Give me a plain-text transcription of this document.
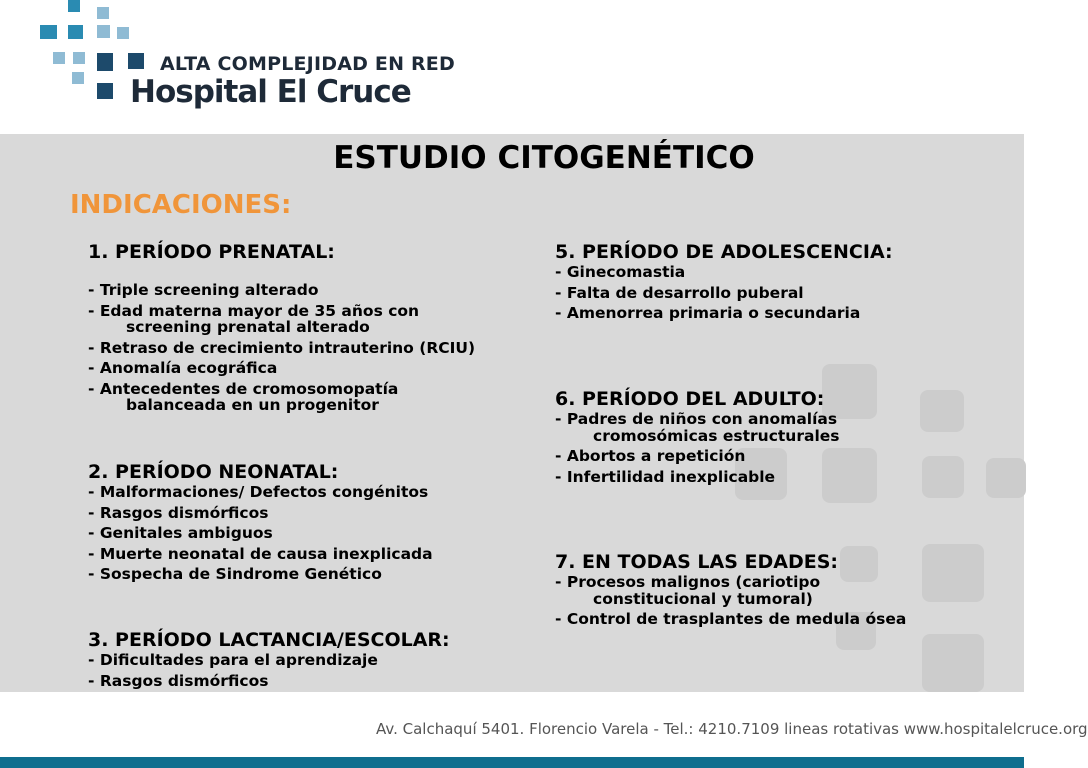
ALTA COMPLEJIDAD EN RED
Hospital El Cruce
ESTUDIO CITOGENÉTICO
INDICACIONES:
1. PERÍODO PRENATAL:
- Triple screening alterado
- Edad materna mayor de 35 años con
screening prenatal alterado
- Retraso de crecimiento intrauterino (RCIU)
- Anomalía ecográfica
- Antecedentes de cromosomopatía
balanceada en un progenitor
2. PERÍODO NEONATAL:
- Malformaciones/ Defectos congénitos
- Rasgos dismórficos
- Genitales ambiguos
- Muerte neonatal de causa inexplicada
- Sospecha de Sindrome Genético
3. PERÍODO LACTANCIA/ESCOLAR:
- Dificultades para el aprendizaje
- Rasgos dismórficos
5. PERÍODO DE ADOLESCENCIA:
- Ginecomastia
- Falta de desarrollo puberal
- Amenorrea primaria o secundaria
6. PERÍODO DEL ADULTO:
- Padres de niños con anomalías
cromosómicas estructurales
- Abortos a repetición
- Infertilidad inexplicable
7. EN TODAS LAS EDADES:
- Procesos malignos (cariotipo
constitucional y tumoral)
- Control de trasplantes de medula ósea
Av. Calchaquí 5401. Florencio Varela - Tel.: 4210.7109 lineas rotativas www.hospitalelcruce.org
